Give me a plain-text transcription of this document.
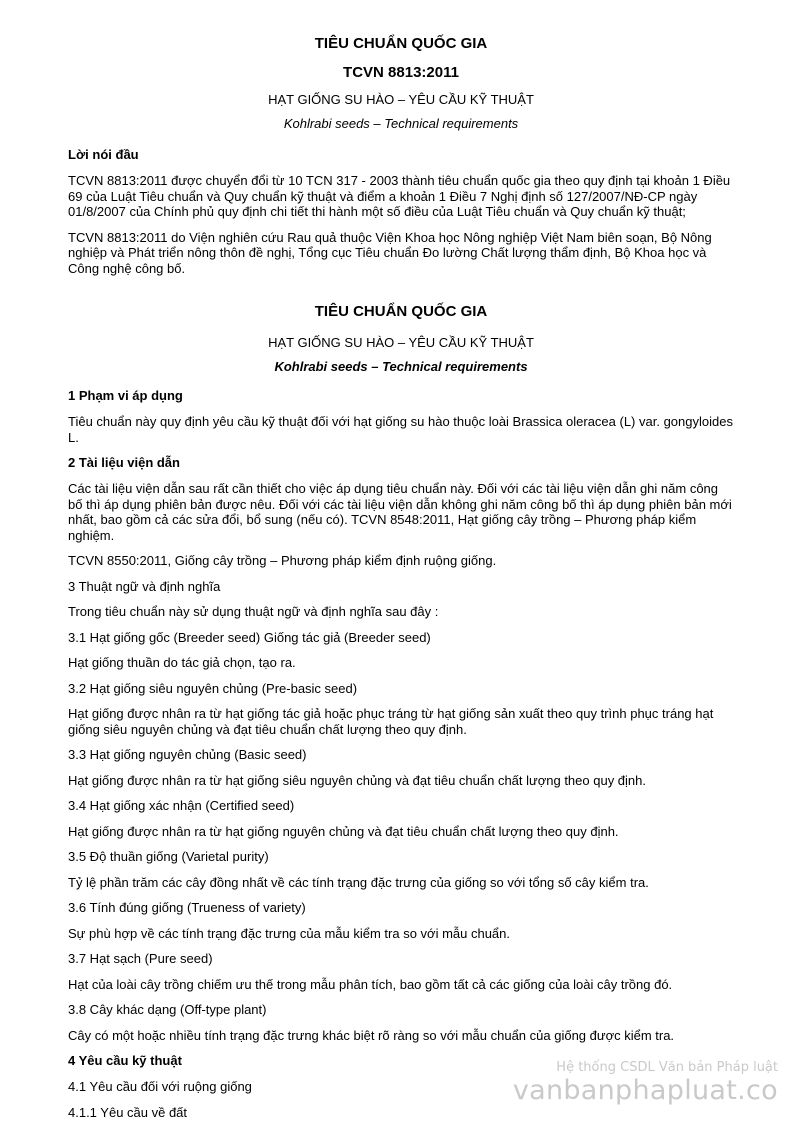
TIÊU CHUẨN QUỐC GIA
TCVN 8813:2011
HẠT GIỐNG SU HÀO – YÊU CẦU KỸ THUẬT
Kohlrabi seeds – Technical requirements
Lời nói đầu

TCVN 8813:2011 được chuyển đổi từ 10 TCN 317 - 2003 thành tiêu chuẩn quốc gia theo quy định tại khoản 1 Điều 69 của Luật Tiêu chuẩn và Quy chuẩn kỹ thuật và điểm a khoản 1 Điều 7 Nghị định số 127/2007/NĐ-CP ngày 01/8/2007 của Chính phủ quy định chi tiết thi hành một số điều của Luật Tiêu chuẩn và Quy chuẩn kỹ thuật;

TCVN 8813:2011 do Viện nghiên cứu Rau quả thuộc Viện Khoa học Nông nghiệp Việt Nam biên soạn, Bộ Nông nghiệp và Phát triển nông thôn đề nghị, Tổng cục Tiêu chuẩn Đo lường Chất lượng thẩm định, Bộ Khoa học và Công nghệ công bố.

TIÊU CHUẨN QUỐC GIA
HẠT GIỐNG SU HÀO – YÊU CẦU KỸ THUẬT
Kohlrabi seeds – Technical requirements
1 Phạm vi áp dụng

Tiêu chuẩn này quy định yêu cầu kỹ thuật đối với hạt giống su hào thuộc loài Brassica oleracea (L) var. gongyloides L.

2 Tài liệu viện dẫn

Các tài liệu viện dẫn sau rất cần thiết cho việc áp dụng tiêu chuẩn này. Đối với các tài liệu viện dẫn ghi năm công bố thì áp dụng phiên bản được nêu. Đối với các tài liệu viện dẫn không ghi năm công bố thì áp dụng phiên bản mới nhất, bao gồm cả các sửa đổi, bổ sung (nếu có). TCVN 8548:2011, Hạt giống cây trồng – Phương pháp kiểm nghiệm.

TCVN 8550:2011, Giống cây trồng – Phương pháp kiểm định ruộng giống.

3 Thuật ngữ và định nghĩa

Trong tiêu chuẩn này sử dụng thuật ngữ và định nghĩa sau đây :

3.1 Hạt giống gốc (Breeder seed) Giống tác giả (Breeder seed)

Hạt giống thuần do tác giả chọn, tạo ra.

3.2 Hạt giống siêu nguyên chủng (Pre-basic seed)

Hạt giống được nhân ra từ hạt giống tác giả hoặc phục tráng từ hạt giống sản xuất theo quy trình phục tráng hạt giống siêu nguyên chủng và đạt tiêu chuẩn chất lượng theo quy định.

3.3 Hạt giống nguyên chủng (Basic seed)

Hạt giống được nhân ra từ hạt giống siêu nguyên chủng và đạt tiêu chuẩn chất lượng theo quy định.

3.4 Hạt giống xác nhận (Certified seed)

Hạt giống được nhân ra từ hạt giống nguyên chủng và đạt tiêu chuẩn chất lượng theo quy định.

3.5 Độ thuần giống (Varietal purity)

Tỷ lệ phần trăm các cây đồng nhất về các tính trạng đặc trưng của giống so với tổng số cây kiểm tra.

3.6 Tính đúng giống (Trueness of variety)

Sự phù hợp về các tính trạng đặc trưng của mẫu kiểm tra so với mẫu chuẩn.

3.7 Hạt sạch (Pure seed)

Hạt của loài cây trồng chiếm ưu thế trong mẫu phân tích, bao gồm tất cả các giống của loài cây trồng đó.

3.8 Cây khác dạng (Off-type plant)

Cây có một hoặc nhiều tính trạng đặc trưng khác biệt rõ ràng so với mẫu chuẩn của giống được kiểm tra.

4 Yêu cầu kỹ thuật

4.1 Yêu cầu đối với ruộng giống

4.1.1 Yêu cầu về đất

Hệ thống CSDL Văn bản Pháp luật
vanbanphapluat.co
